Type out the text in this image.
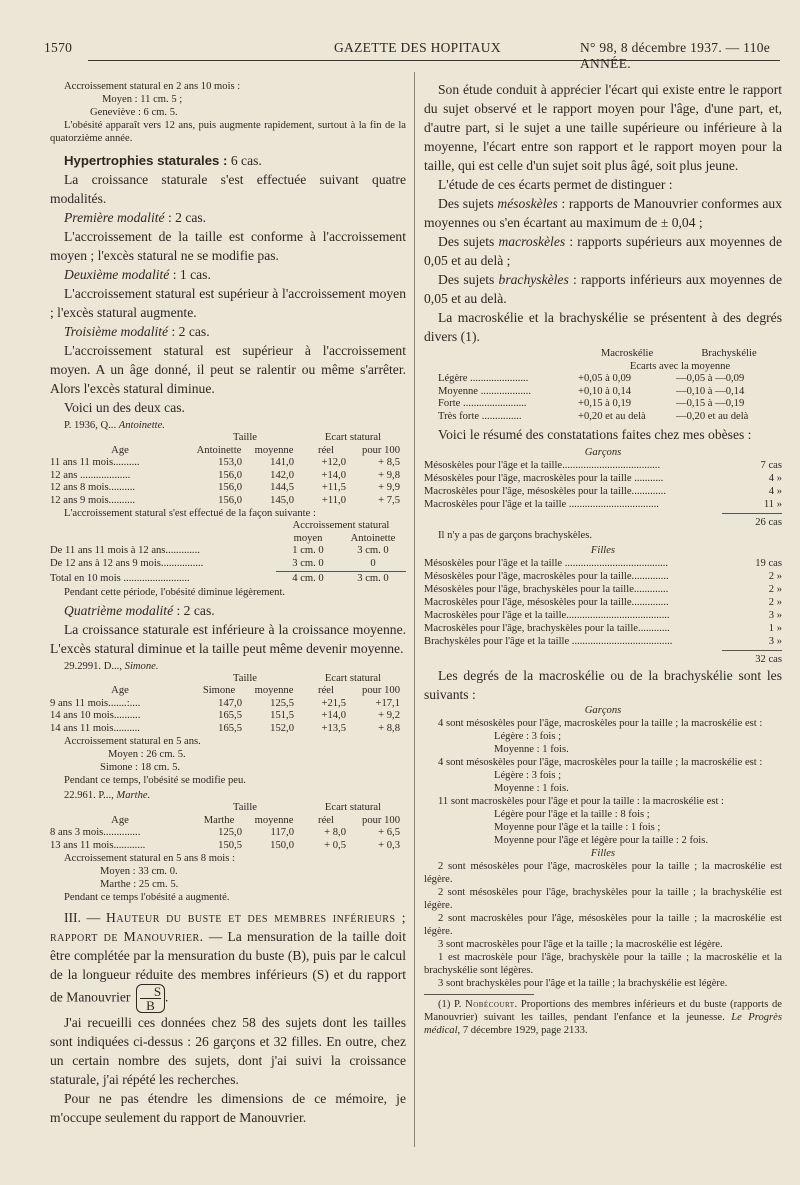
1570	GAZETTE DES HOPITAUX	N° 98, 8 décembre 1937. — 110e ANNÉE.
Accroissement statural en 2 ans 10 mois :
Moyen : 11 cm. 5 ;
Geneviève : 6 cm. 5.
L'obésité apparaît vers 12 ans, puis augmente rapidement, surtout à la fin de la quatorzième année.

Hypertrophies staturales : 6 cas.

La croissance staturale s'est effectuée suivant quatre modalités.

Première modalité : 2 cas.

L'accroissement de la taille est conforme à l'accroissement moyen ; l'excès statural ne se modifie pas.

Deuxième modalité : 1 cas.

L'accroissement statural est supérieur à l'accroissement moyen ; l'excès statural augmente.

Troisième modalité : 2 cas.

L'accroissement statural est supérieur à l'accroissement moyen. A un âge donné, il peut se ralentir ou même s'arrêter. Alors l'excès statural diminue.

Voici un des deux cas.

P. 1936, Q... Antoinette.
	Taille		Ecart statural	
Age	Antoinette	moyenne	réel	pour 100
11 ans 11 mois..........	153,0	141,0	+12,0	+ 8,5
12 ans ...................	156,0	142,0	+14,0	+ 9,8
12 ans 8 mois..........	156,0	144,5	+11,5	+ 9,9
12 ans 9 mois..........	156,0	145,0	+11,0	+ 7,5
L'accroissement statural s'est effectué de la façon suivante :
	Accroissement statural	
	moyen	Antoinette
De 11 ans 11 mois à 12 ans.............	1 cm. 0	3 cm. 0
De 12 ans à 12 ans 9 mois................	3 cm. 0	0

Total en 10 mois .........................	4 cm. 0	3 cm. 0
Pendant cette période, l'obésité diminue légèrement.

Quatrième modalité : 2 cas.

La croissance staturale est inférieure à la croissance moyenne. L'excès statural diminue et la taille peut même devenir moyenne.

29.2991. D..., Simone.
	Taille		Ecart statural	
Age	Simone	moyenne	réel	pour 100
9 ans 11 mois.......:....	147,0	125,5	+21,5	+17,1
14 ans 10 mois..........	165,5	151,5	+14,0	+ 9,2
14 ans 11 mois..........	165,5	152,0	+13,5	+ 8,8
Accroissement statural en 5 ans.
Moyen : 26 cm. 5.
Simone : 18 cm. 5.
Pendant ce temps, l'obésité se modifie peu.
22.961. P..., Marthe.
	Taille		Ecart statural	
Age	Marthe	moyenne	réel	pour 100
8 ans 3 mois..............	125,0	117,0	+ 8,0	+ 6,5
13 ans 11 mois............	150,5	150,0	+ 0,5	+ 0,3
Accroissement statural en 5 ans 8 mois :
Moyen : 33 cm. 0.
Marthe : 25 cm. 5.
Pendant ce temps l'obésité a augmenté.

III. — Hauteur du buste et des membres inférieurs ; rapport de Manouvrier. — La mensuration de la taille doit être complétée par la mensuration du buste (B), puis par le calcul de la longueur réduite des membres inférieurs (S) et du rapport de Manouvrier $\frac{S}{B}$.

J'ai recueilli ces données chez 58 des sujets dont les tailles sont indiquées ci-dessus : 26 garçons et 32 filles. En outre, chez un certain nombre des sujets, dont j'ai suivi la croissance staturale, j'ai répété les recherches.

Pour ne pas étendre les dimensions de ce mémoire, je m'occupe seulement du rapport de Manouvrier.

Son étude conduit à apprécier l'écart qui existe entre le rapport du sujet observé et le rapport moyen pour l'âge, d'une part, et, d'autre part, si le sujet a une taille supérieure ou inférieure à la moyenne, l'écart entre son rapport et le rapport moyen pour la taille, qui est celle d'un sujet soit plus âgé, soit plus jeune.

L'étude de ces écarts permet de distinguer :

Des sujets mésoskèles : rapports de Manouvrier conformes aux moyennes ou s'en écartant au maximum de ± 0,04 ;

Des sujets macroskèles : rapports supérieurs aux moyennes de 0,05 et au delà ;

Des sujets brachyskèles : rapports inférieurs aux moyennes de 0,05 et au delà.

La macroskélie et la brachyskélie se présentent à des degrés divers (1).

	Macroskélie	Brachyskélie
	Ecarts avec la moyenne	
Légère ......................	+0,05 à 0,09	—0,05 à —0,09
Moyenne ...................	+0,10 à 0,14	—0,10 à —0,14
Forte ........................	+0,15 à 0,19	—0,15 à —0,19
Très forte ...............	+0,20 et au delà	—0,20 et au delà

Voici le résumé des constatations faites chez mes obèses :

Garçons
Mésoskèles pour l'âge et la taille.....................................	7 cas
Mésoskèles pour l'âge, macroskèles pour la taille ...........	4 »
Macroskèles pour l'âge, mésoskèles pour la taille.............	4 »
Macroskèles pour l'âge et la taille ..................................	11 »
26 cas
Il n'y a pas de garçons brachyskèles.
Filles
Mésoskèles pour l'âge et la taille .......................................	19 cas
Mésoskèles pour l'âge, macroskèles pour la taille..............	2 »
Mésoskèles pour l'âge, brachyskèles pour la taille.............	2 »
Macroskèles pour l'âge, mésoskèles pour la taille..............	2 »
Macroskèles pour l'âge et la taille.......................................	3 »
Macroskèles pour l'âge, brachyskèles pour la taille............	1 »
Brachyskèles pour l'âge et la taille ......................................	3 »
32 cas

Les degrés de la macroskélie ou de la brachyskélie sont les suivants :

Garçons
4 sont mésoskèles pour l'âge, macroskèles pour la taille ; la macroskélie est :
Légère : 3 fois ;
Moyenne : 1 fois.
4 sont mésoskèles pour l'âge, macroskèles pour la taille ; la macroskélie est :
Légère : 3 fois ;
Moyenne : 1 fois.
11 sont macroskèles pour l'âge et pour la taille : la macroskélie est :
Légère pour l'âge et la taille : 8 fois ;
Moyenne pour l'âge et la taille : 1 fois ;
Moyenne pour l'âge et légère pour la taille : 2 fois.
Filles
2 sont mésoskèles pour l'âge, macroskèles pour la taille ; la macroskélie est légère.
2 sont mésoskèles pour l'âge, brachyskèles pour la taille ; la brachyskélie est légère.
2 sont macroskèles pour l'âge, mésoskèles pour la taille ; la macroskélie est légère.
3 sont macroskèles pour l'âge et la taille ; la macroskélie est légère.
1 est macroskèle pour l'âge, brachyskèle pour la taille ; la macroskélie et la brachyskélie sont légères.
3 sont brachyskèles pour l'âge et la taille ; la brachyskélie est légère.
(1) P. Nobécourt. Proportions des membres inférieurs et du buste (rapports de Manouvrier) suivant les tailles, pendant l'enfance et la jeunesse. Le Progrès médical, 7 décembre 1929, page 2133.
